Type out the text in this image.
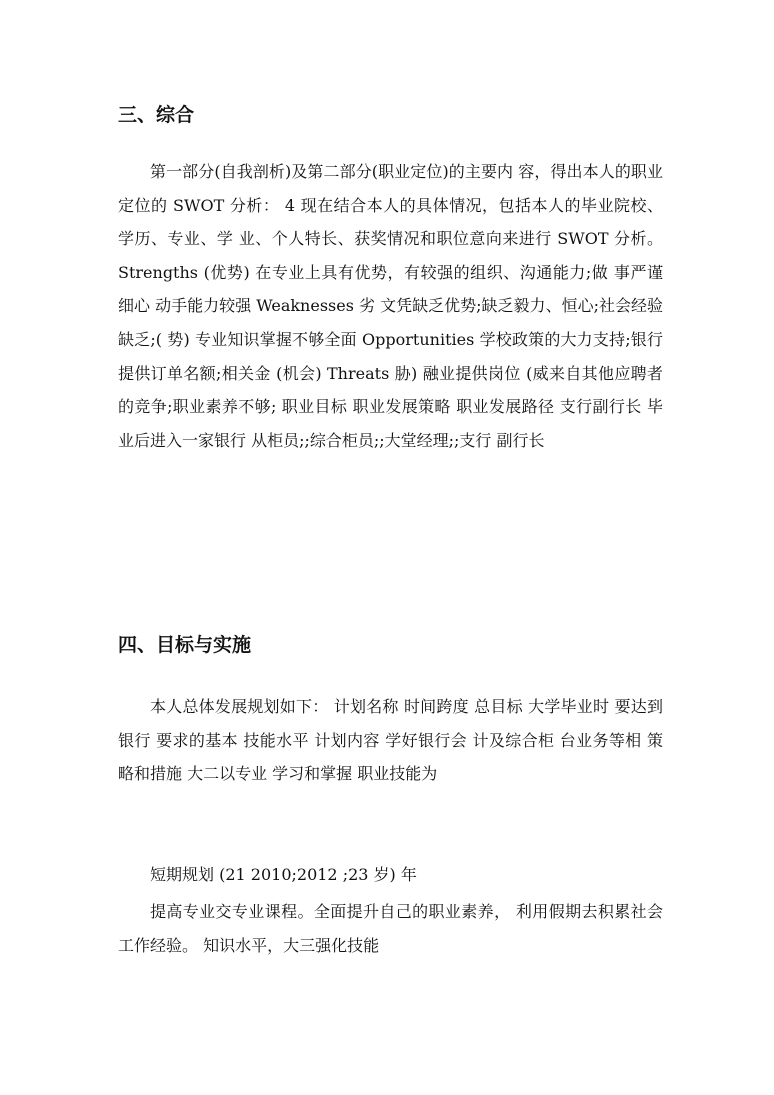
三、综合

第一部分(自我剖析)及第二部分(职业定位)的主要内 容，得出本人的职业定位的 SWOT 分析： 4 现在结合本人的具体情况，包括本人的毕业院校、学历、专业、学 业、个人特长、获奖情况和职位意向来进行 SWOT 分析。 Strengths (优势) 在专业上具有优势，有较强的组织、沟通能力;做 事严谨细心 动手能力较强 Weaknesses 劣 文凭缺乏优势;缺乏毅力、恒心;社会经验缺乏;( 势) 专业知识掌握不够全面 Opportunities 学校政策的大力支持;银行提供订单名额;相关金 (机会) Threats 胁) 融业提供岗位 (威来自其他应聘者的竞争;职业素养不够; 职业目标 职业发展策略 职业发展路径 支行副行长 毕业后进入一家银行 从柜员;;综合柜员;;大堂经理;;支行 副行长

四、目标与实施

本人总体发展规划如下： 计划名称 时间跨度 总目标 大学毕业时 要达到银行 要求的基本 技能水平 计划内容 学好银行会 计及综合柜 台业务等相 策略和措施 大二以专业 学习和掌握 职业技能为

短期规划 (21 2010;2012 ;23 岁) 年

提高专业交专业课程。全面提升自己的职业素养， 利用假期去积累社会工作经验。 知识水平，大三强化技能
